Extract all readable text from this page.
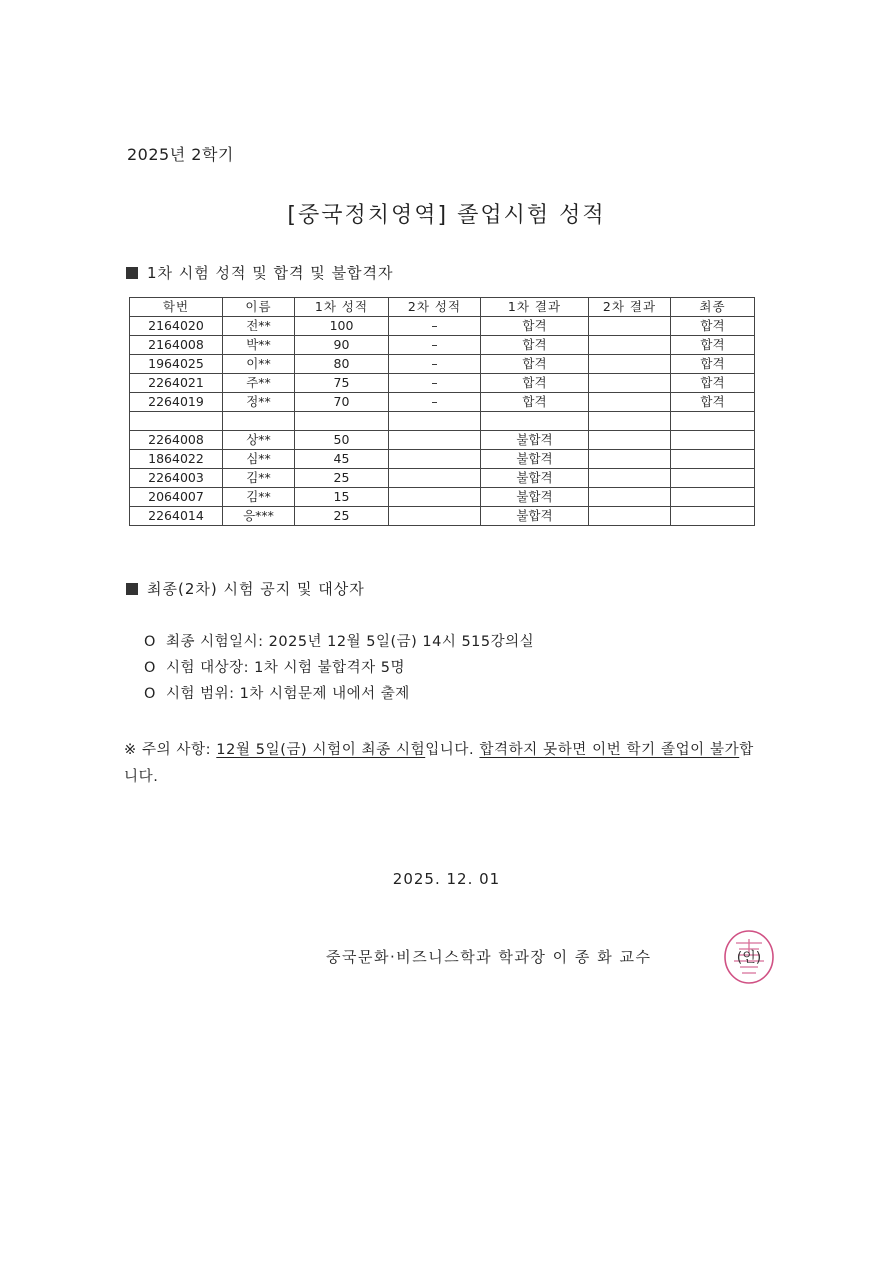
2025년 2학기
[중국정치영역] 졸업시험 성적
1차 시험 성적 및 합격 및 불합격자
학번	이름	1차 성적	2차 성적	1차 결과	2차 결과	최종
2164020	전**	100	–	합격		합격
2164008	박**	90	–	합격		합격
1964025	이**	80	–	합격		합격
2264021	주**	75	–	합격		합격
2264019	정**	70	–	합격		합격

2264008	상**	50		불합격		
1864022	심**	45		불합격		
2264003	김**	25		불합격		
2064007	김**	15		불합격		
2264014	응***	25		불합격		
최종(2차) 시험 공지 및 대상자
O 최종 시험일시: 2025년 12월 5일(금) 14시 515강의실
O 시험 대상장: 1차 시험 불합격자 5명
O 시험 범위: 1차 시험문제 내에서 출제
※ 주의 사항: 12월 5일(금) 시험이 최종 시험입니다. 합격하지 못하면 이번 학기 졸업이 불가합니다.
2025. 12. 01
중국문화·비즈니스학과 학과장 이 종 화 교수	(인)
